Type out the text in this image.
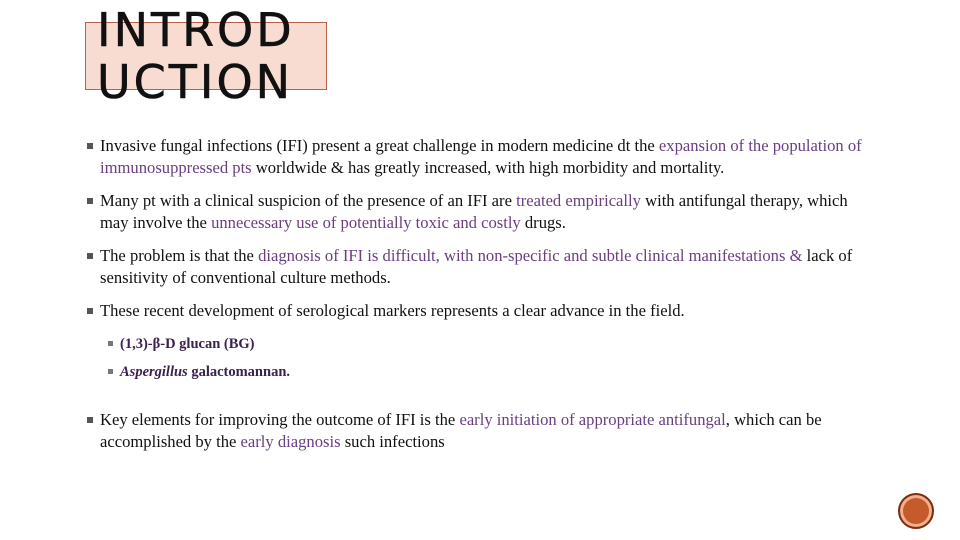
INTRODUCTION
Invasive fungal infections (IFI) present a great challenge in modern medicine dt the expansion of the population of immunosuppressed pts worldwide & has greatly increased, with high morbidity and mortality.
Many pt with a clinical suspicion of the presence of an IFI are treated empirically with antifungal therapy, which may involve the unnecessary use of potentially toxic and costly drugs.
The problem is that the diagnosis of IFI is difficult, with non-specific and subtle clinical manifestations & lack of sensitivity of conventional culture methods.
These recent development of serological markers represents a clear advance in the field.
(1,3)-β-D glucan (BG)
Aspergillus galactomannan.
Key elements for improving the outcome of IFI is the early initiation of appropriate antifungal, which can be accomplished by the early diagnosis such infections
